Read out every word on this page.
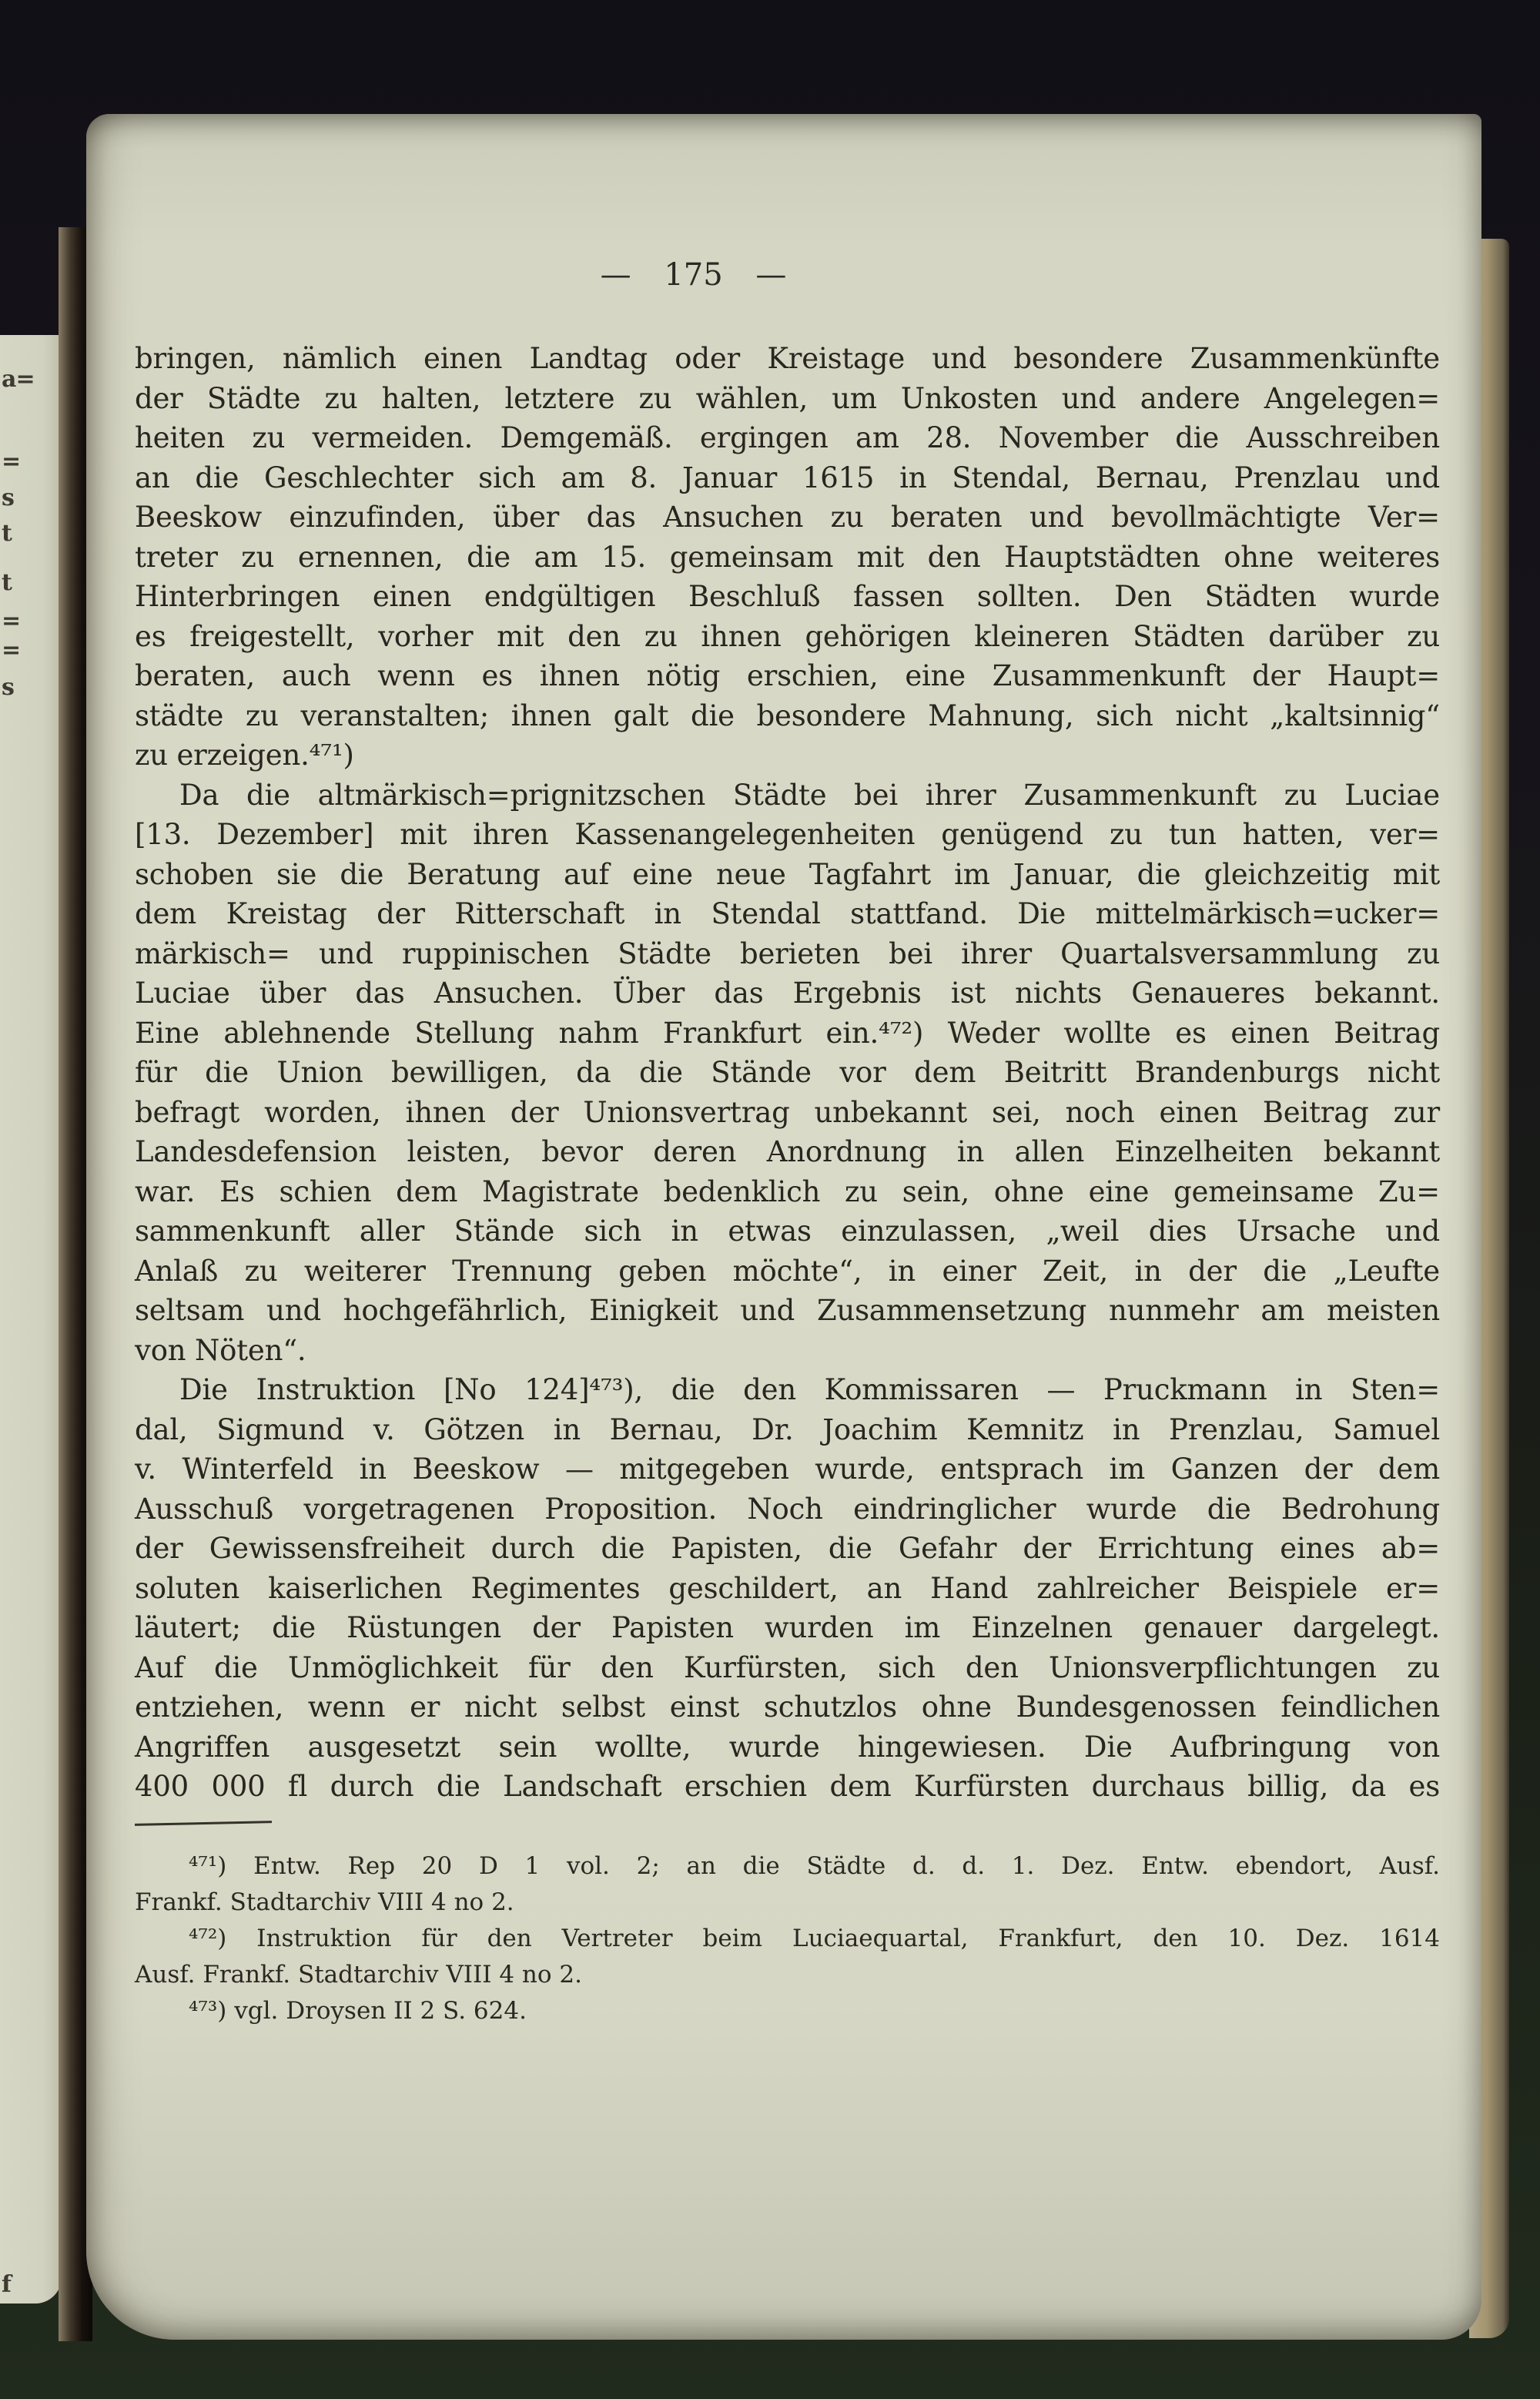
a=
=
s
t
t
=
=
s
f
— 175 —
bringen, nämlich einen Landtag oder Kreistage und besondere Zusammenkünfte
der Städte zu halten, letztere zu wählen, um Unkosten und andere Angelegen=
heiten zu vermeiden. Demgemäß. ergingen am 28. November die Ausschreiben
an die Geschlechter sich am 8. Januar 1615 in Stendal, Bernau, Prenzlau und
Beeskow einzufinden, über das Ansuchen zu beraten und bevollmächtigte Ver=
treter zu ernennen, die am 15. gemeinsam mit den Hauptstädten ohne weiteres
Hinterbringen einen endgültigen Beschluß fassen sollten. Den Städten wurde
es freigestellt, vorher mit den zu ihnen gehörigen kleineren Städten darüber zu
beraten, auch wenn es ihnen nötig erschien, eine Zusammenkunft der Haupt=
städte zu veranstalten; ihnen galt die besondere Mahnung, sich nicht „kaltsinnig“
zu erzeigen.⁴⁷¹)
Da die altmärkisch=prignitzschen Städte bei ihrer Zusammenkunft zu Luciae
[13. Dezember] mit ihren Kassenangelegenheiten genügend zu tun hatten, ver=
schoben sie die Beratung auf eine neue Tagfahrt im Januar, die gleichzeitig mit
dem Kreistag der Ritterschaft in Stendal stattfand. Die mittelmärkisch=ucker=
märkisch= und ruppinischen Städte berieten bei ihrer Quartalsversammlung zu
Luciae über das Ansuchen. Über das Ergebnis ist nichts Genaueres bekannt.
Eine ablehnende Stellung nahm Frankfurt ein.⁴⁷²) Weder wollte es einen Beitrag
für die Union bewilligen, da die Stände vor dem Beitritt Brandenburgs nicht
befragt worden, ihnen der Unionsvertrag unbekannt sei, noch einen Beitrag zur
Landesdefension leisten, bevor deren Anordnung in allen Einzelheiten bekannt
war. Es schien dem Magistrate bedenklich zu sein, ohne eine gemeinsame Zu=
sammenkunft aller Stände sich in etwas einzulassen, „weil dies Ursache und
Anlaß zu weiterer Trennung geben möchte“, in einer Zeit, in der die „Leufte
seltsam und hochgefährlich, Einigkeit und Zusammensetzung nunmehr am meisten
von Nöten“.
Die Instruktion [No 124]⁴⁷³), die den Kommissaren — Pruckmann in Sten=
dal, Sigmund v. Götzen in Bernau, Dr. Joachim Kemnitz in Prenzlau, Samuel
v. Winterfeld in Beeskow — mitgegeben wurde, entsprach im Ganzen der dem
Ausschuß vorgetragenen Proposition. Noch eindringlicher wurde die Bedrohung
der Gewissensfreiheit durch die Papisten, die Gefahr der Errichtung eines ab=
soluten kaiserlichen Regimentes geschildert, an Hand zahlreicher Beispiele er=
läutert; die Rüstungen der Papisten wurden im Einzelnen genauer dargelegt.
Auf die Unmöglichkeit für den Kurfürsten, sich den Unionsverpflichtungen zu
entziehen, wenn er nicht selbst einst schutzlos ohne Bundesgenossen feindlichen
Angriffen ausgesetzt sein wollte, wurde hingewiesen. Die Aufbringung von
400 000 fl durch die Landschaft erschien dem Kurfürsten durchaus billig, da es
⁴⁷¹) Entw. Rep 20 D 1 vol. 2; an die Städte d. d. 1. Dez. Entw. ebendort, Ausf.
Frankf. Stadtarchiv VIII 4 no 2.
⁴⁷²) Instruktion für den Vertreter beim Luciaequartal, Frankfurt, den 10. Dez. 1614
Ausf. Frankf. Stadtarchiv VIII 4 no 2.
⁴⁷³) vgl. Droysen II 2 S. 624.
